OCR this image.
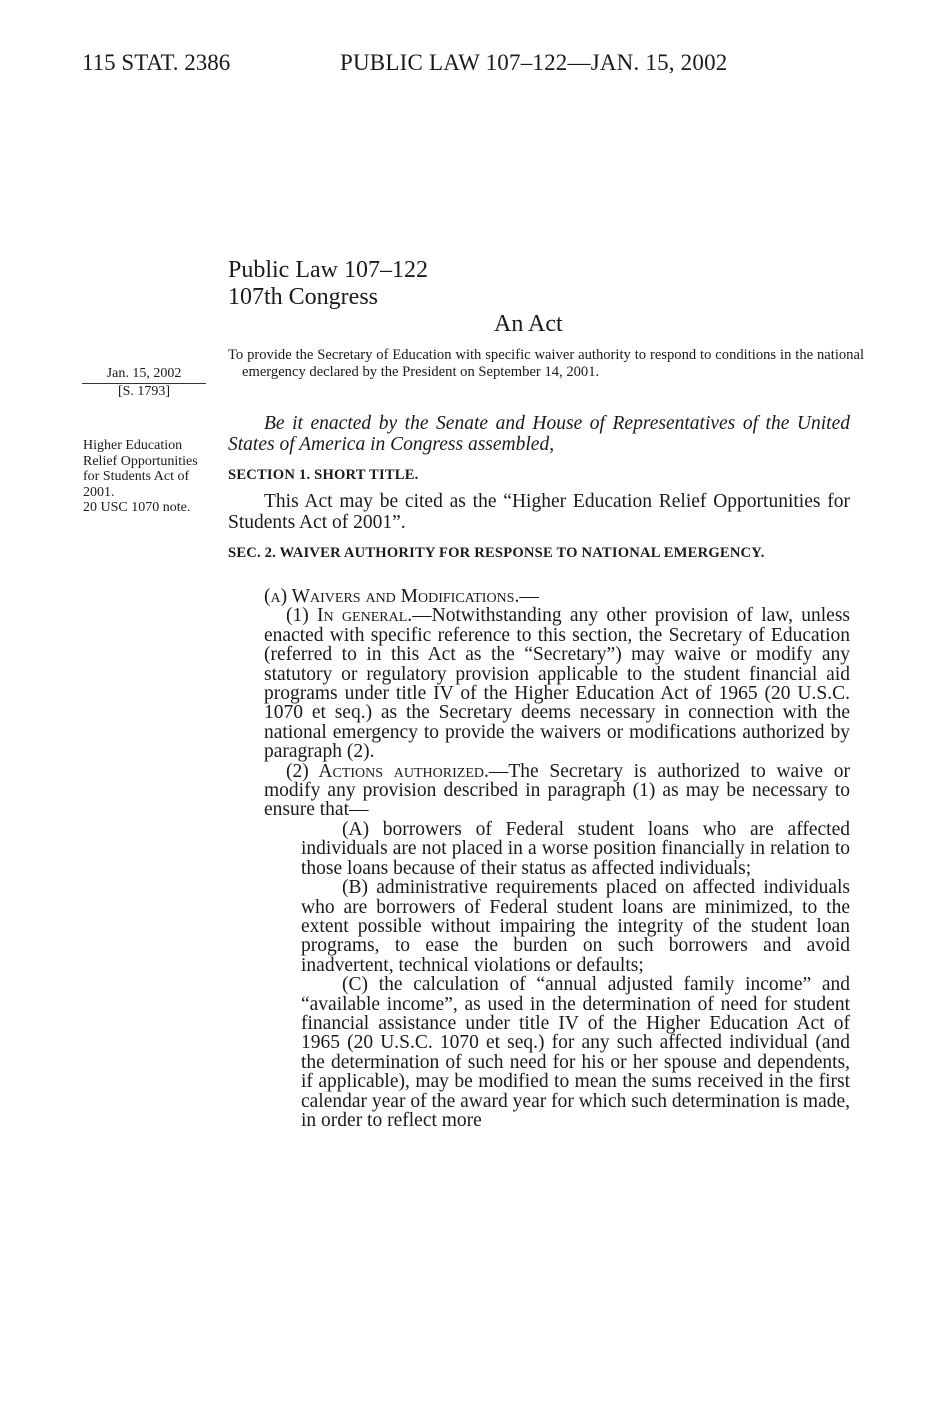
115 STAT. 2386	PUBLIC LAW 107–122—JAN. 15, 2002
Public Law 107–122
107th Congress
An Act
To provide the Secretary of Education with specific waiver authority to respond to conditions in the national emergency declared by the President on September 14, 2001.
Jan. 15, 2002
[S. 1793]
Higher Education Relief Opportunities for Students Act of 2001.
20 USC 1070 note.
Be it enacted by the Senate and House of Representatives of the United States of America in Congress assembled,
SECTION 1. SHORT TITLE.
This Act may be cited as the “Higher Education Relief Opportunities for Students Act of 2001”.
SEC. 2. WAIVER AUTHORITY FOR RESPONSE TO NATIONAL EMERGENCY.

(a) Waivers and Modifications.—

(1) In general.—Notwithstanding any other provision of law, unless enacted with specific reference to this section, the Secretary of Education (referred to in this Act as the “Secretary”) may waive or modify any statutory or regulatory provision applicable to the student financial aid programs under title IV of the Higher Education Act of 1965 (20 U.S.C. 1070 et seq.) as the Secretary deems necessary in connection with the national emergency to provide the waivers or modifications authorized by paragraph (2).

(2) Actions authorized.—The Secretary is authorized to waive or modify any provision described in paragraph (1) as may be necessary to ensure that—

(A) borrowers of Federal student loans who are affected individuals are not placed in a worse position financially in relation to those loans because of their status as affected individuals;

(B) administrative requirements placed on affected individuals who are borrowers of Federal student loans are minimized, to the extent possible without impairing the integrity of the student loan programs, to ease the burden on such borrowers and avoid inadvertent, technical violations or defaults;

(C) the calculation of “annual adjusted family income” and “available income”, as used in the determination of need for student financial assistance under title IV of the Higher Education Act of 1965 (20 U.S.C. 1070 et seq.) for any such affected individual (and the determination of such need for his or her spouse and dependents, if applicable), may be modified to mean the sums received in the first calendar year of the award year for which such determination is made, in order to reflect more
